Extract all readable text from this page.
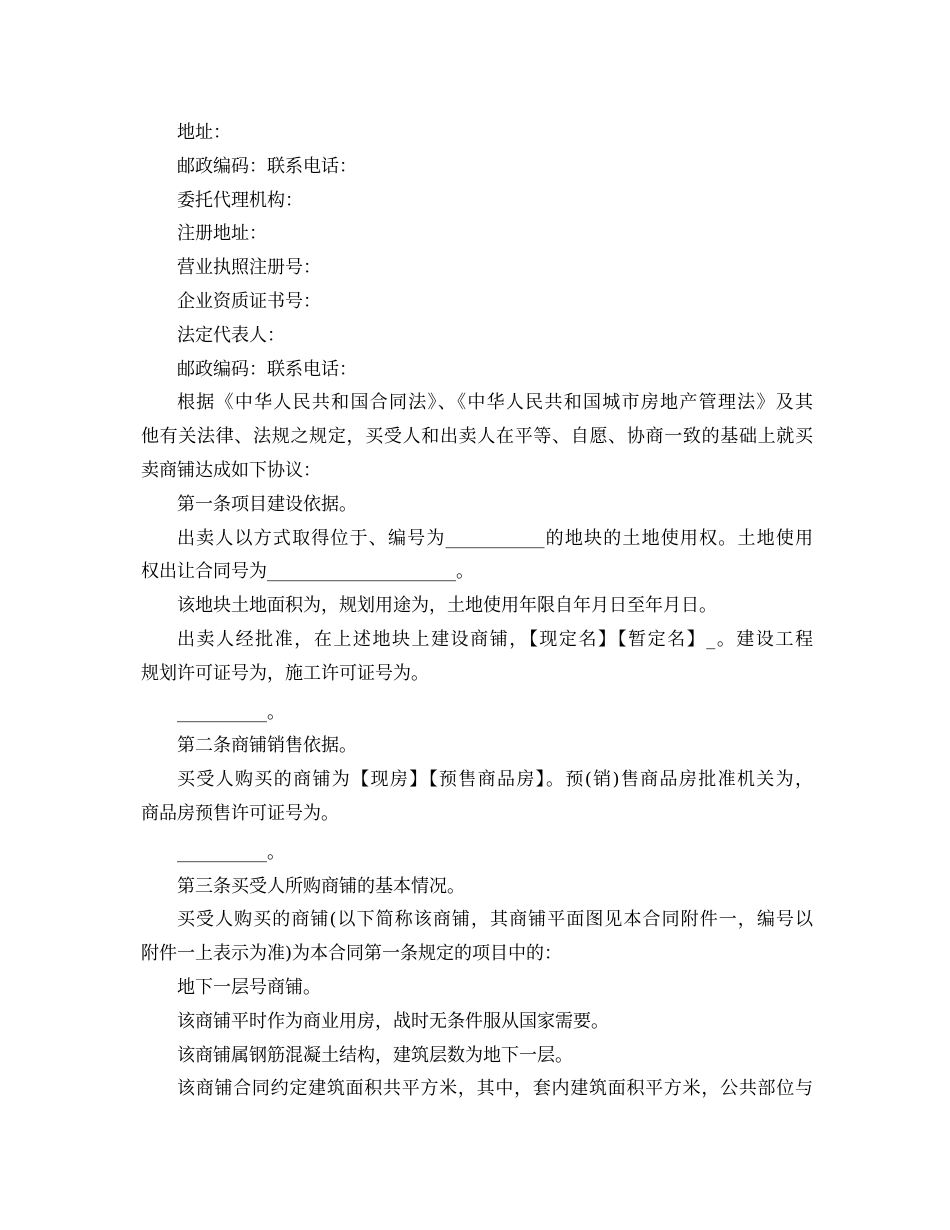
地址：
邮政编码：联系电话：
委托代理机构：
注册地址：
营业执照注册号：
企业资质证书号：
法定代表人：
邮政编码：联系电话：
根据《中华人民共和国合同法》、《中华人民共和国城市房地产管理法》及其
他有关法律、法规之规定，买受人和出卖人在平等、自愿、协商一致的基础上就买
卖商铺达成如下协议：
第一条项目建设依据。
出卖人以方式取得位于、编号为___________的地块的土地使用权。土地使用
权出让合同号为_____________________。
该地块土地面积为，规划用途为，土地使用年限自年月日至年月日。
出卖人经批准，在上述地块上建设商铺，【现定名】【暂定名】_。建设工程
规划许可证号为，施工许可证号为。
__________。
第二条商铺销售依据。
买受人购买的商铺为【现房】【预售商品房】。预(销)售商品房批准机关为，
商品房预售许可证号为。
__________。
第三条买受人所购商铺的基本情况。
买受人购买的商铺(以下简称该商铺，其商铺平面图见本合同附件一，编号以
附件一上表示为准)为本合同第一条规定的项目中的：
地下一层号商铺。
该商铺平时作为商业用房，战时无条件服从国家需要。
该商铺属钢筋混凝土结构，建筑层数为地下一层。
该商铺合同约定建筑面积共平方米，其中，套内建筑面积平方米，公共部位与
